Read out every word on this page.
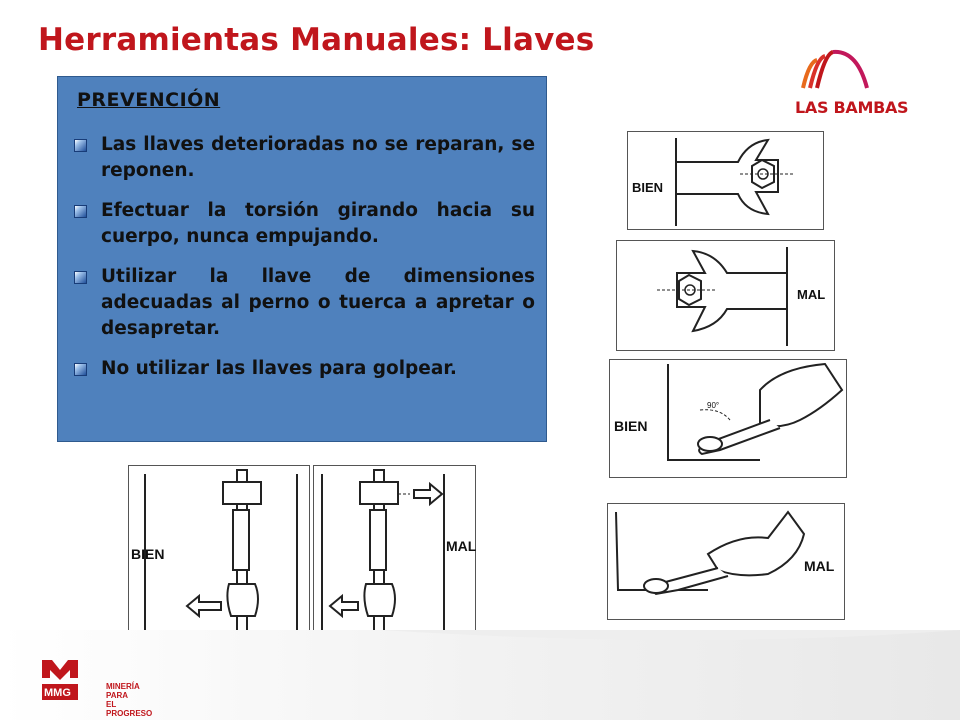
Herramientas Manuales: Llaves
LAS BAMBAS
PREVENCIÓN
Las llaves deterioradas no se reparan, se reponen.
Efectuar la torsión girando hacia su cuerpo, nunca empujando.
Utilizar la llave de dimensiones adecuadas al perno o tuerca a apretar o desapretar.
No utilizar las llaves para golpear.
BIEN
MAL
BIEN
90°
MAL
BIEN	MAL
MINERÍA PARA
EL PROGRESO
MMG
